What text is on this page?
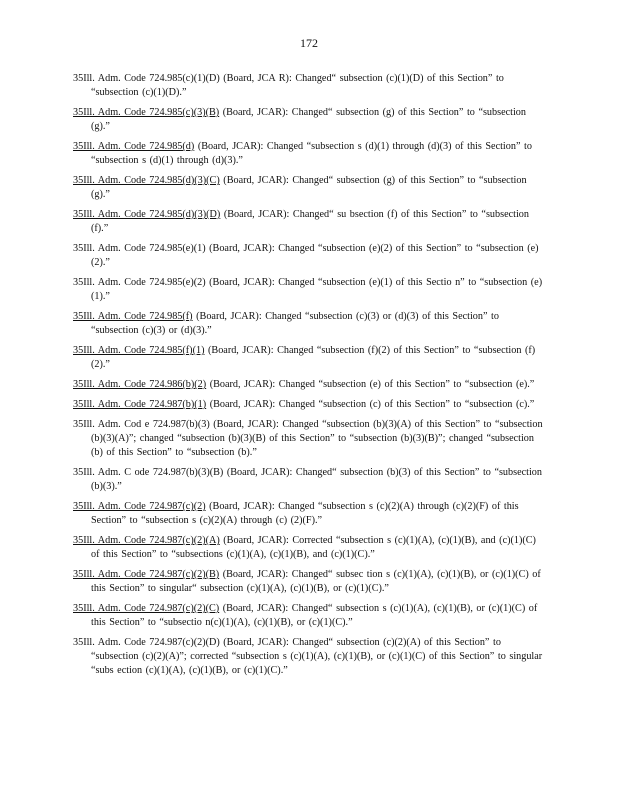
172

35Ill. Adm. Code 724.985(c)(1)(D) (Board, JCA R): Changed“ subsection (c)(1)(D) of this Section” to “subsection (c)(1)(D).”

35Ill. Adm. Code 724.985(c)(3)(B) (Board, JCAR): Changed“ subsection (g) of this Section” to “subsection (g).”

35Ill. Adm. Code 724.985(d) (Board, JCAR): Changed “subsection s (d)(1) through (d)(3) of this Section” to “subsection s (d)(1) through (d)(3).”

35Ill. Adm. Code 724.985(d)(3)(C) (Board, JCAR): Changed“ subsection (g) of this Section” to “subsection (g).”

35Ill. Adm. Code 724.985(d)(3)(D) (Board, JCAR): Changed“ su bsection (f) of this Section” to “subsection (f).”

35Ill. Adm. Code 724.985(e)(1) (Board, JCAR): Changed “subsection (e)(2) of this Section” to “subsection (e)(2).”

35Ill. Adm. Code 724.985(e)(2) (Board, JCAR): Changed “subsection (e)(1) of this Sectio n” to “subsection (e)(1).”

35Ill. Adm. Code 724.985(f) (Board, JCAR): Changed “subsection (c)(3) or (d)(3) of this Section” to “subsection (c)(3) or (d)(3).”

35Ill. Adm. Code 724.985(f)(1) (Board, JCAR): Changed “subsection (f)(2) of this Section” to “subsection (f)(2).”

35Ill. Adm. Code 724.986(b)(2) (Board, JCAR): Changed “subsection (e) of this Section” to “subsection (e).”

35Ill. Adm. Code 724.987(b)(1) (Board, JCAR): Changed “subsection (c) of this Section” to “subsection (c).”

35Ill. Adm. Cod e 724.987(b)(3) (Board, JCAR): Changed “subsection (b)(3)(A) of this Section” to “subsection (b)(3)(A)”; changed “subsection (b)(3)(B) of this Section” to “subsection (b)(3)(B)”; changed “subsection (b) of this Section” to “subsection (b).”

35Ill. Adm. C ode 724.987(b)(3)(B) (Board, JCAR): Changed“ subsection (b)(3) of this Section” to “subsection (b)(3).”

35Ill. Adm. Code 724.987(c)(2) (Board, JCAR): Changed “subsection s (c)(2)(A) through (c)(2)(F) of this Section” to “subsection s (c)(2)(A) through (c) (2)(F).”

35Ill. Adm. Code 724.987(c)(2)(A) (Board, JCAR): Corrected “subsection s (c)(1)(A), (c)(1)(B), and (c)(1)(C) of this Section” to “subsections (c)(1)(A), (c)(1)(B), and (c)(1)(C).”

35Ill. Adm. Code 724.987(c)(2)(B) (Board, JCAR): Changed“ subsec tion s (c)(1)(A), (c)(1)(B), or (c)(1)(C) of this Section” to singular“ subsection (c)(1)(A), (c)(1)(B), or (c)(1)(C).”

35Ill. Adm. Code 724.987(c)(2)(C) (Board, JCAR): Changed“ subsection s (c)(1)(A), (c)(1)(B), or (c)(1)(C) of this Section” to “subsectio n(c)(1)(A), (c)(1)(B), or (c)(1)(C).”

35Ill. Adm. Code 724.987(c)(2)(D) (Board, JCAR): Changed“ subsection (c)(2)(A) of this Section” to “subsection (c)(2)(A)”; corrected “subsection s (c)(1)(A), (c)(1)(B), or (c)(1)(C) of this Section” to singular “subs ection (c)(1)(A), (c)(1)(B), or (c)(1)(C).”
